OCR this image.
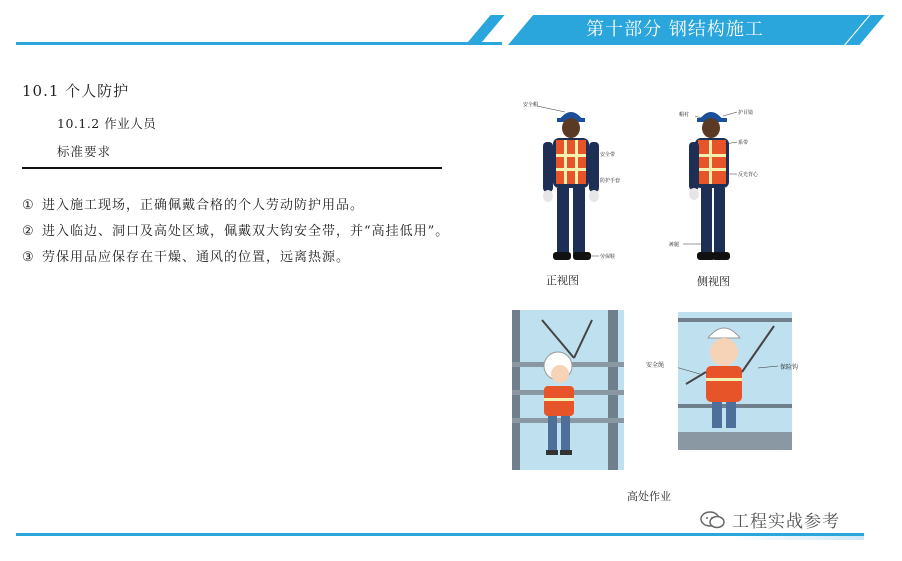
第十部分 钢结构施工
10.1 个人防护
10.1.2 作业人员
标准要求
① 进入施工现场，正确佩戴合格的个人劳动防护用品。
② 进入临边、洞口及高处区域，佩戴双大钩安全带，并“高挂低用”。
③ 劳保用品应保存在干燥、通风的位置，远离热源。
安全帽
安全带
防护手套
劳保鞋
正视图
帽衬	护目镜
系带
反光背心
裤腿
侧视图
安全绳	保险钩
高处作业
工程实战参考
